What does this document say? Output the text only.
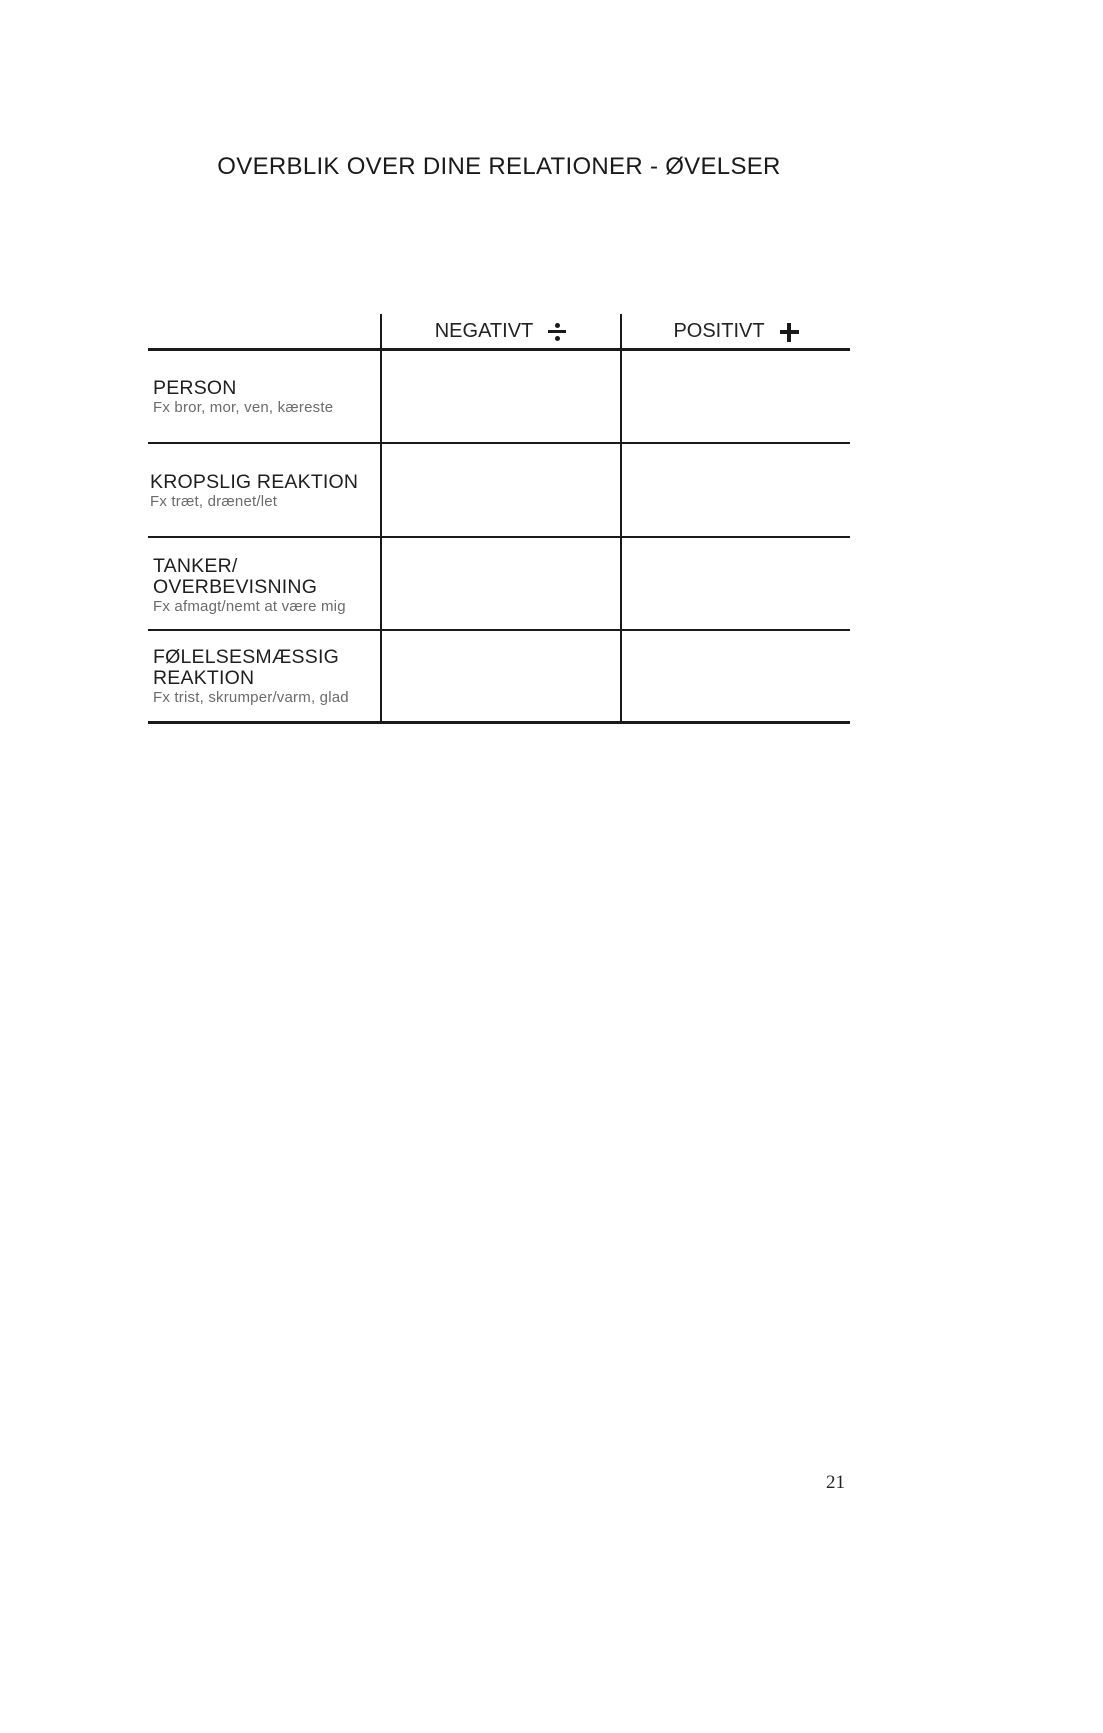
OVERBLIK OVER DINE RELATIONER - ØVELSER
NEGATIVT	POSITIVT
PERSON
Fx bror, mor, ven, kæreste
KROPSLIG REAKTION
Fx træt, drænet/let
TANKER/ OVERBEVISNING
Fx afmagt/nemt at være mig
FØLELSESMÆSSIG REAKTION
Fx trist, skrumper/varm, glad
21
